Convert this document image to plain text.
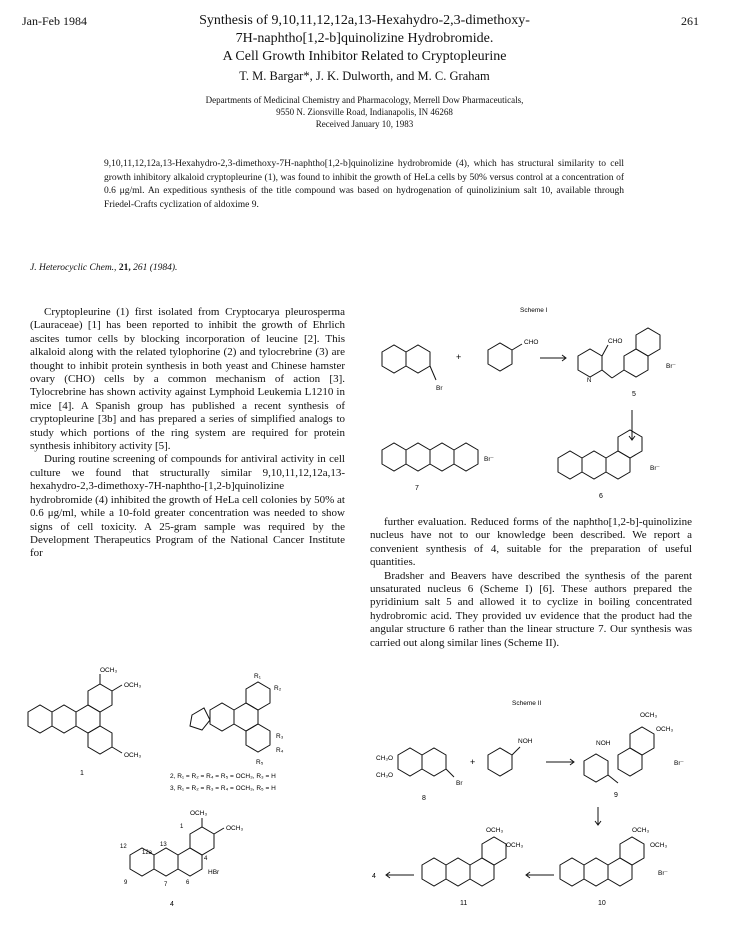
Jan-Feb 1984	261
Synthesis of 9,10,11,12,12a,13-Hexahydro-2,3-dimethoxy-
7H-naphtho[1,2-b]quinolizine Hydrobromide.
A Cell Growth Inhibitor Related to Cryptopleurine
T. M. Bargar*, J. K. Dulworth, and M. C. Graham
Departments of Medicinal Chemistry and Pharmacology, Merrell Dow Pharmaceuticals,
9550 N. Zionsville Road, Indianapolis, IN 46268
Received January 10, 1983
9,10,11,12,12a,13-Hexahydro-2,3-dimethoxy-7H-naphtho[1,2-b]quinolizine hydrobromide (4), which has structural similarity to cell growth inhibitory alkaloid cryptopleurine (1), was found to inhibit the growth of HeLa cells by 50% versus control at a concentration of 0.6 μg/ml. An expeditious synthesis of the title compound was based on hydrogenation of quinolizinium salt 10, available through Friedel-Crafts cyclization of aldoxime 9.
J. Heterocyclic Chem., 21, 261 (1984).

Cryptopleurine (1) first isolated from Cryptocarya pleurosperma (Lauraceae) [1] has been reported to inhibit the growth of Ehrlich ascites tumor cells by blocking incorporation of leucine [2]. This alkaloid along with the related tylophorine (2) and tylocrebrine (3) are thought to inhibit protein synthesis in both yeast and Chinese hamster ovary (CHO) cells by a common mechanism of action [3]. Tylocrebrine has shown activity against Lymphoid Leukemia L1210 in mice [4]. A Spanish group has published a recent synthesis of cryptopleurine [3b] and has prepared a series of simplified analogs to study which portions of the ring system are required for protein synthesis inhibitory activity [5].

During routine screening of compounds for antiviral activity in cell culture we found that structurally similar 9,10,11,12,12a,13-hexahydro-2,3-dimethoxy-7H-naphtho-[1,2-b]quinolizine hydrobromide (4) inhibited the growth of HeLa cell colonies by 50% at 0.6 μg/ml, while a 10-fold greater concentration was needed to show signs of cell toxicity. A 25-gram sample was required by the Development Therapeutics Program of the National Cancer Institute for

further evaluation. Reduced forms of the naphtho[1,2-b]-quinolizine nucleus have not to our knowledge been described. We report a convenient synthesis of 4, suitable for the preparation of useful quantities.

Bradsher and Beavers have described the synthesis of the parent unsaturated nucleus 6 (Scheme I) [6]. These authors prepared the pyridinium salt 5 and allowed it to cyclize in boiling concentrated hydrobromic acid. They provided uv evidence that the product had the angular structure 6 rather than the linear structure 7. Our synthesis was carried out along similar lines (Scheme II).

Scheme I
Br
CHO
+
CHO
N
Br⁻
5
Br⁻
7
Br⁻
6
OCH₃
OCH₃
OCH₃
1
R₁
R₂
R₃
R₄
R₅
2, R₁ = R₂ = R₄ = R₅ = OCH₃, R₃ = H
3, R₁ = R₂ = R₃ = R₄ = OCH₃, R₅ = H
OCH₃
OCH₃
HBr
12
12a
13
1
9	7	6
4
4
Scheme II
CH₃O
CH₃O
Br
8
+
NOH	NOH
OCH₃
OCH₃
Br⁻
9
OCH₃
OCH₃
Br⁻
10
OCH₃
OCH₃
11
4
